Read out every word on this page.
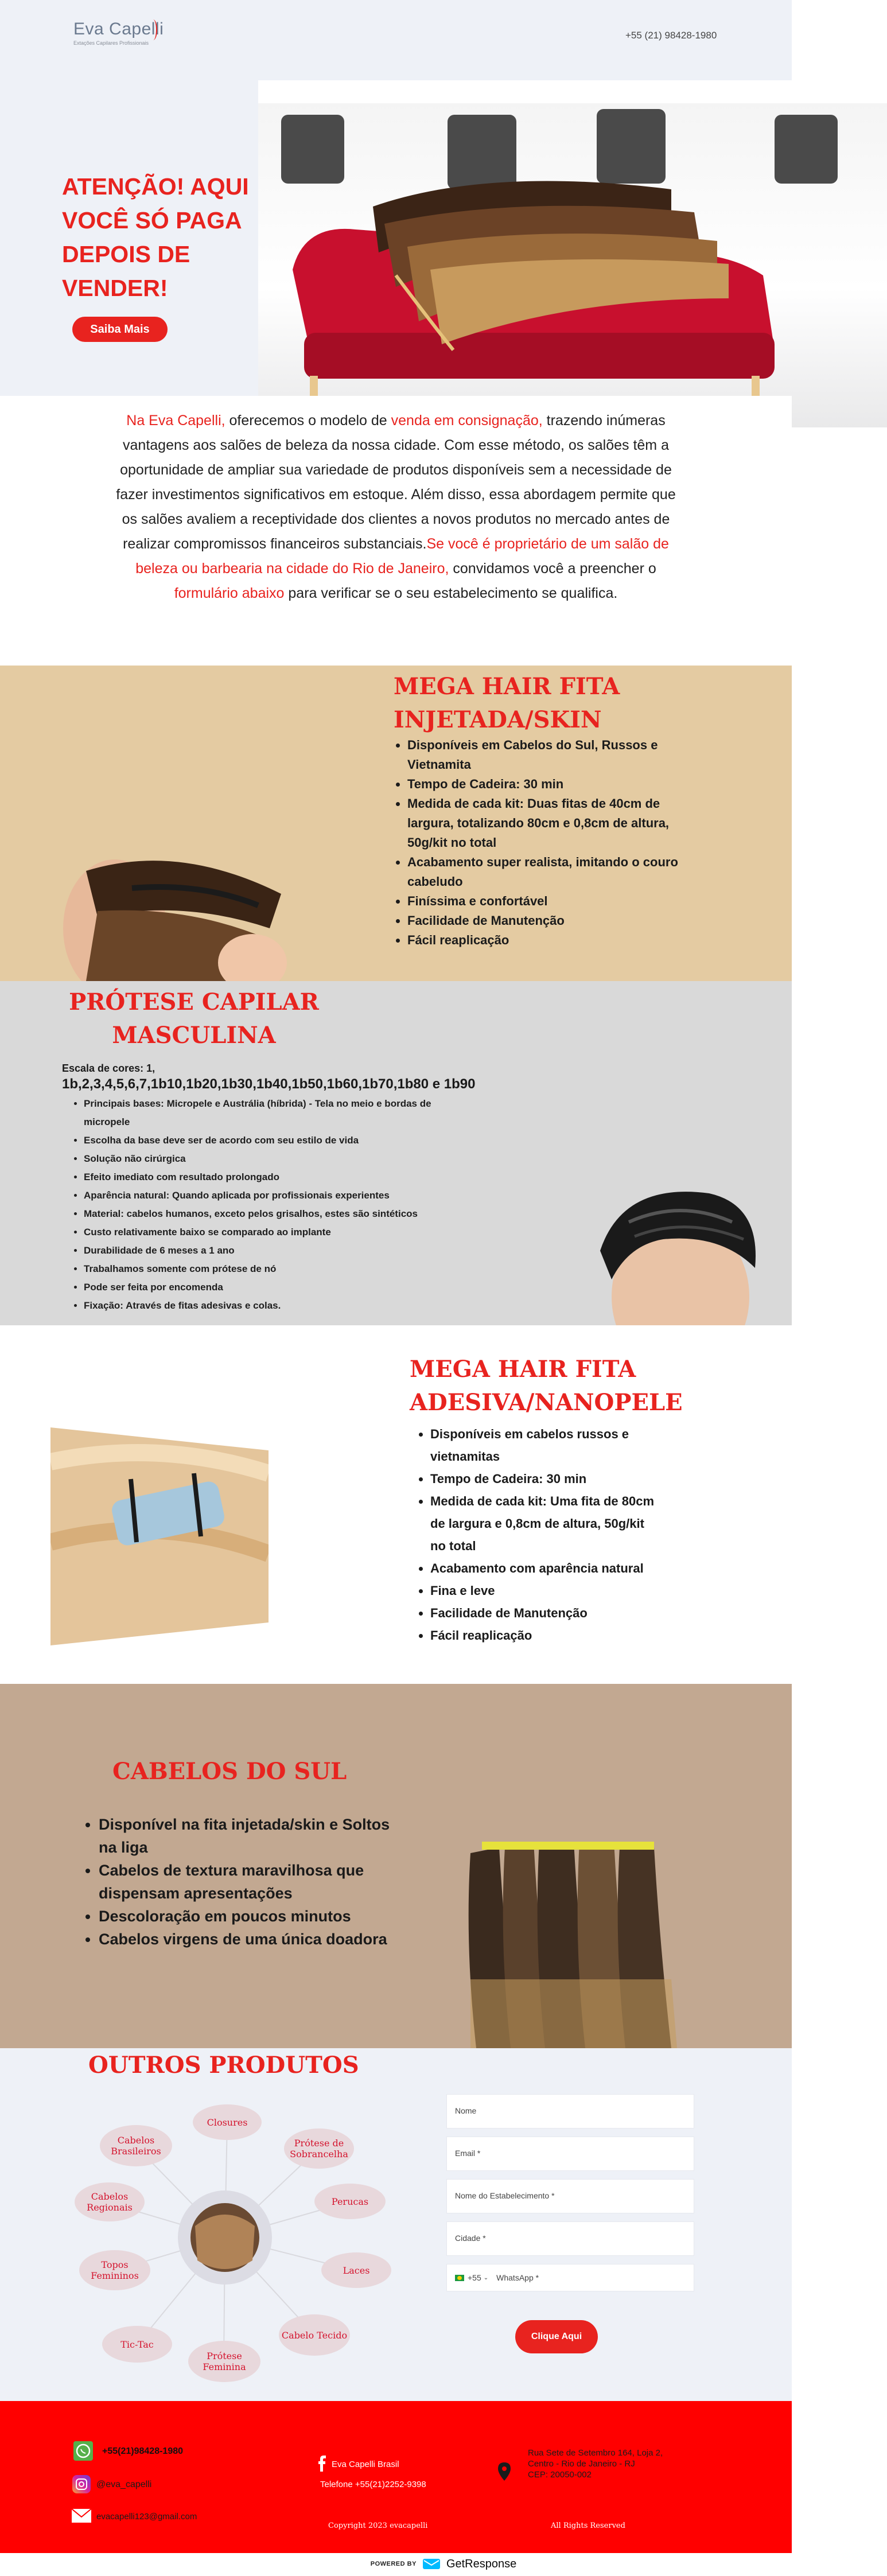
Eva Capelli
Extações Capilares Profissionais
+55 (21) 98428-1980
ATENÇÃO! AQUI VOCÊ SÓ PAGA DEPOIS DE VENDER!
Saiba Mais

Na Eva Capelli, oferecemos o modelo de venda em consignação, trazendo inúmeras vantagens aos salões de beleza da nossa cidade. Com esse método, os salões têm a oportunidade de ampliar sua variedade de produtos disponíveis sem a necessidade de fazer investimentos significativos em estoque. Além disso, essa abordagem permite que os salões avaliem a receptividade dos clientes a novos produtos no mercado antes de realizar compromissos financeiros substanciais.Se você é proprietário de um salão de beleza ou barbearia na cidade do Rio de Janeiro, convidamos você a preencher o formulário abaixo para verificar se o seu estabelecimento se qualifica.

MEGA HAIR FITA INJETADA/SKIN
• Disponíveis em Cabelos do Sul, Russos e Vietnamita
• Tempo de Cadeira: 30 min
• Medida de cada kit: Duas fitas de 40cm de largura, totalizando 80cm e 0,8cm de altura, 50g/kit no total
• Acabamento super realista, imitando o couro cabeludo
• Finíssima e confortável
• Facilidade de Manutenção
• Fácil reaplicação
PRÓTESE CAPILAR MASCULINA
Escala de cores: 1,
1b,2,3,4,5,6,7,1b10,1b20,1b30,1b40,1b50,1b60,1b70,1b80 e 1b90
• Principais bases: Micropele e Austrália (híbrida) - Tela no meio e bordas de micropele
• Escolha da base deve ser de acordo com seu estilo de vida
• Solução não cirúrgica
• Efeito imediato com resultado prolongado
• Aparência natural: Quando aplicada por profissionais experientes
• Material: cabelos humanos, exceto pelos grisalhos, estes são sintéticos
• Custo relativamente baixo se comparado ao implante
• Durabilidade de 6 meses a 1 ano
• Trabalhamos somente com prótese de nó
• Pode ser feita por encomenda
• Fixação: Através de fitas adesivas e colas.
MEGA HAIR FITA ADESIVA/NANOPELE
• Disponíveis em cabelos russos e vietnamitas
• Tempo de Cadeira: 30 min
• Medida de cada kit: Uma fita de 80cm de largura e 0,8cm de altura, 50g/kit no total
• Acabamento com aparência natural
• Fina e leve
• Facilidade de Manutenção
• Fácil reaplicação
CABELOS DO SUL
• Disponível na fita injetada/skin e Soltos na liga
• Cabelos de textura maravilhosa que dispensam apresentações
• Descoloração em poucos minutos
• Cabelos virgens de uma única doadora
OUTROS PRODUTOS
Closures
Prótese de Sobrancelha
Perucas
Laces
Cabelo Tecido
Prótese Feminina
Tic-Tac
Topos Femininos
Cabelos Regionais
Cabelos Brasileiros
Nome
Email *
Nome do Estabelecimento *
Cidade *
+55 ⌄ WhatsApp *
Clique Aqui
+55(21)98428-1980
@eva_capelli
evacapelli123@gmail.com
Eva Capelli Brasil
Telefone +55(21)2252-9398
Rua Sete de Setembro 164, Loja 2,
Centro - Rio de Janeiro - RJ
CEP: 20050-002
Copyright 2023 evacapelli	All Rights Reserved
POWERED BY	GetResponse
